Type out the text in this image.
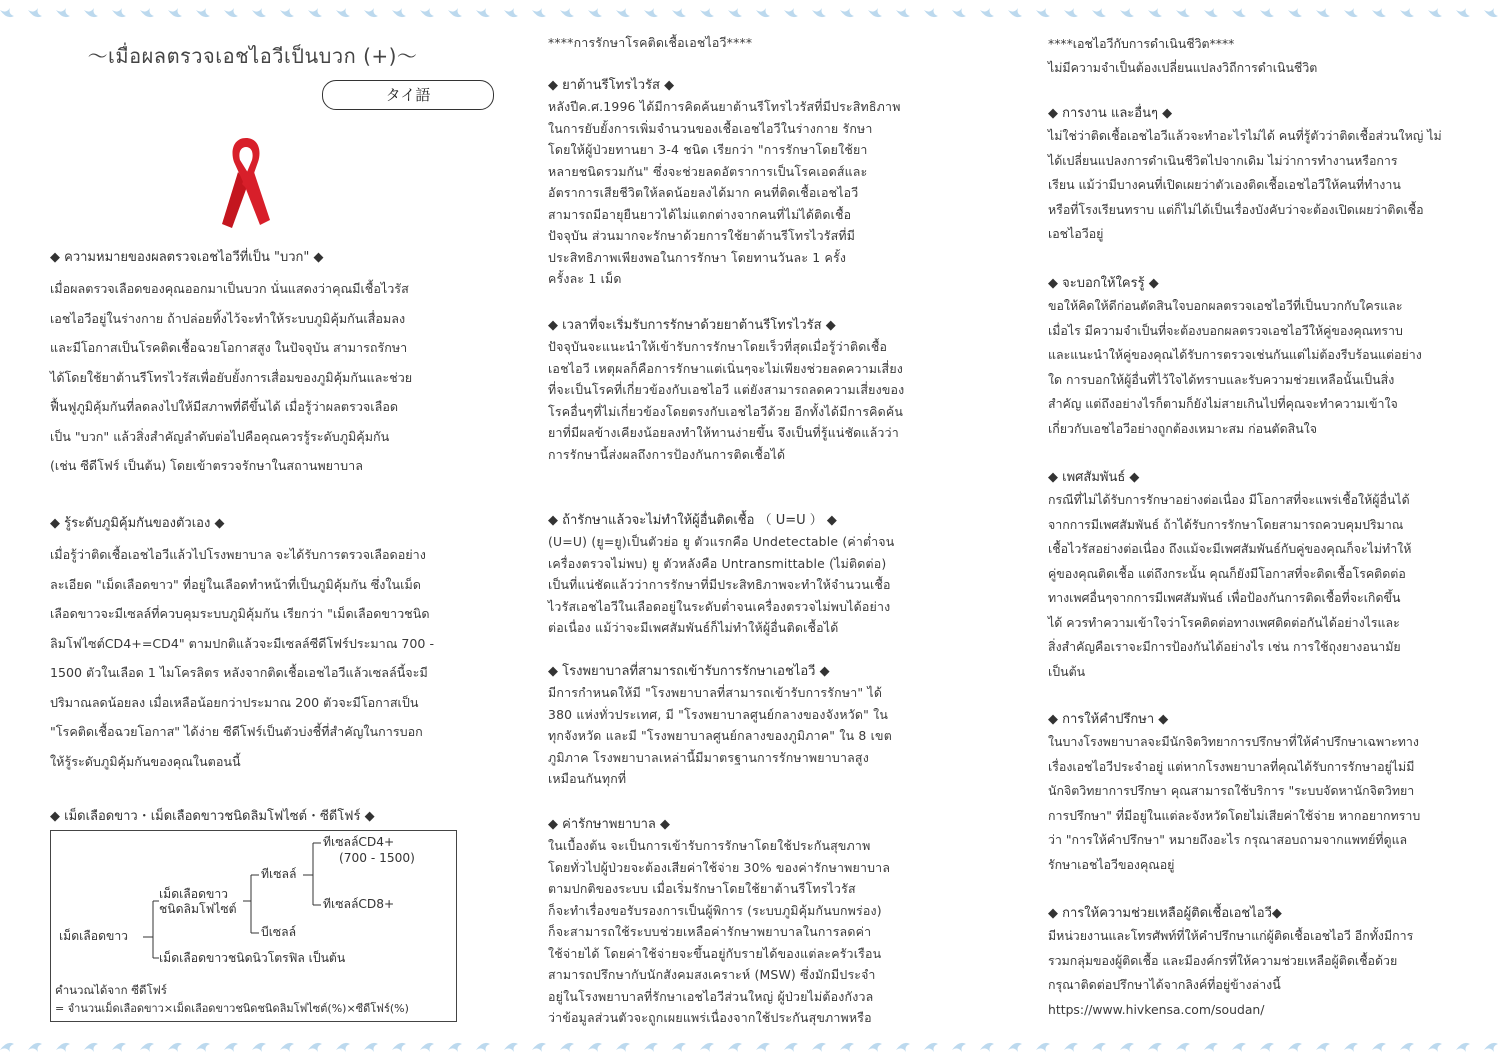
〜เมื่อผลตรวจเอชไอวีเป็นบวก (+)〜
タイ語

◆ ความหมายของผลตรวจเอชไอวีที่เป็น "บวก" ◆

เมื่อผลตรวจเลือดของคุณออกมาเป็นบวก นั่นแสดงว่าคุณมีเชื้อไวรัส

เอชไอวีอยู่ในร่างกาย ถ้าปล่อยทิ้งไว้จะทำให้ระบบภูมิคุ้มกันเสื่อมลง

และมีโอกาสเป็นโรคติดเชื้อฉวยโอกาสสูง ในปัจจุบัน สามารถรักษา

ได้โดยใช้ยาต้านรีโทรไวรัสเพื่อยับยั้งการเสื่อมของภูมิคุ้มกันและช่วย

ฟื้นฟูภูมิคุ้มกันที่ลดลงไปให้มีสภาพที่ดีขึ้นได้ เมื่อรู้ว่าผลตรวจเลือด

เป็น "บวก" แล้วสิ่งสำคัญลำดับต่อไปคือคุณควรรู้ระดับภูมิคุ้มกัน

(เช่น ซีดีโฟร์ เป็นต้น) โดยเข้าตรวจรักษาในสถานพยาบาล

◆ รู้ระดับภูมิคุ้มกันของตัวเอง ◆

เมื่อรู้ว่าติดเชื้อเอชไอวีแล้วไปโรงพยาบาล จะได้รับการตรวจเลือดอย่าง

ละเอียด "เม็ดเลือดขาว" ที่อยู่ในเลือดทำหน้าที่เป็นภูมิคุ้มกัน ซึ่งในเม็ด

เลือดขาวจะมีเซลล์ที่ควบคุมระบบภูมิคุ้มกัน เรียกว่า "เม็ดเลือดขาวชนิด

ลิมโฟไซต์CD4+=CD4" ตามปกติแล้วจะมีเซลล์ซีดีโฟร์ประมาณ 700 -

1500 ตัวในเลือด 1 ไมโครลิตร หลังจากติดเชื้อเอชไอวีแล้วเซลล์นี้จะมี

ปริมาณลดน้อยลง เมื่อเหลือน้อยกว่าประมาณ 200 ตัวจะมีโอกาสเป็น

"โรคติดเชื้อฉวยโอกาส" ได้ง่าย ซีดีโฟร์เป็นตัวบ่งชี้ที่สำคัญในการบอก

ให้รู้ระดับภูมิคุ้มกันของคุณในตอนนี้

◆ เม็ดเลือดขาว・เม็ดเลือดขาวชนิดลิมโฟไซต์・ซีดีโฟร์ ◆

เม็ดเลือดขาว
เม็ดเลือดขาว
ชนิดลิมโฟไซต์
ทีเซลล์
บีเซลล์
ทีเซลล์CD4+
(700 - 1500)
ทีเซลล์CD8+
เม็ดเลือดขาวชนิดนิวโตรฟิล เป็นต้น
คำนวณได้จาก ซีดีโฟร์
= จำนวนเม็ดเลือดขาว×เม็ดเลือดขาวชนิดชนิดลิมโฟไซต์(%)×ซีดีโฟร์(%)

****การรักษาโรคติดเชื้อเอชไอวี****

◆ ยาต้านรีโทรไวรัส ◆

หลังปีค.ศ.1996 ได้มีการคิดค้นยาต้านรีโทรไวรัสที่มีประสิทธิภาพ

ในการยับยั้งการเพิ่มจำนวนของเชื้อเอชไอวีในร่างกาย รักษา

โดยให้ผู้ป่วยทานยา 3-4 ชนิด เรียกว่า "การรักษาโดยใช้ยา

หลายชนิดรวมกัน" ซึ่งจะช่วยลดอัตราการเป็นโรคเอดส์และ

อัตราการเสียชีวิตให้ลดน้อยลงได้มาก คนที่ติดเชื้อเอชไอวี

สามารถมีอายุยืนยาวได้ไม่แตกต่างจากคนที่ไม่ได้ติดเชื้อ

ปัจจุบัน ส่วนมากจะรักษาด้วยการใช้ยาต้านรีโทรไวรัสที่มี

ประสิทธิภาพเพียงพอในการรักษา โดยทานวันละ 1 ครั้ง

ครั้งละ 1 เม็ด

◆ เวลาที่จะเริ่มรับการรักษาด้วยยาต้านรีโทรไวรัส ◆

ปัจจุบันจะแนะนำให้เข้ารับการรักษาโดยเร็วที่สุดเมื่อรู้ว่าติดเชื้อ

เอชไอวี เหตุผลก็คือการรักษาแต่เนิ่นๆจะไม่เพียงช่วยลดความเสี่ยง

ที่จะเป็นโรคที่เกี่ยวข้องกับเอชไอวี แต่ยังสามารถลดความเสี่ยงของ

โรคอื่นๆที่ไม่เกี่ยวข้องโดยตรงกับเอชไอวีด้วย อีกทั้งได้มีการคิดค้น

ยาที่มีผลข้างเคียงน้อยลงทำให้ทานง่ายขึ้น จึงเป็นที่รู้แน่ชัดแล้วว่า

การรักษานี้ส่งผลถึงการป้องกันการติดเชื้อได้

◆ ถ้ารักษาแล้วจะไม่ทำให้ผู้อื่นติดเชื้อ （ U=U ） ◆

(U=U) (ยู=ยู)เป็นตัวย่อ ยู ตัวแรกคือ Undetectable (ค่าต่ำจน

เครื่องตรวจไม่พบ) ยู ตัวหลังคือ Untransmittable (ไม่ติดต่อ)

เป็นที่แน่ชัดแล้วว่าการรักษาที่มีประสิทธิภาพจะทำให้จำนวนเชื้อ

ไวรัสเอชไอวีในเลือดอยู่ในระดับต่ำจนเครื่องตรวจไม่พบได้อย่าง

ต่อเนื่อง แม้ว่าจะมีเพศสัมพันธ์ก็ไม่ทำให้ผู้อื่นติดเชื้อได้

◆ โรงพยาบาลที่สามารถเข้ารับการรักษาเอชไอวี ◆

มีการกำหนดให้มี "โรงพยาบาลที่สามารถเข้ารับการรักษา" ได้

380 แห่งทั่วประเทศ, มี "โรงพยาบาลศูนย์กลางของจังหวัด" ใน

ทุกจังหวัด และมี "โรงพยาบาลศูนย์กลางของภูมิภาค" ใน 8 เขต

ภูมิภาค โรงพยาบาลเหล่านี้มีมาตรฐานการรักษาพยาบาลสูง

เหมือนกันทุกที่

◆ ค่ารักษาพยาบาล ◆

ในเบื้องต้น จะเป็นการเข้ารับการรักษาโดยใช้ประกันสุขภาพ

โดยทั่วไปผู้ป่วยจะต้องเสียค่าใช้จ่าย 30% ของค่ารักษาพยาบาล

ตามปกติของระบบ เมื่อเริ่มรักษาโดยใช้ยาต้านรีโทรไวรัส

ก็จะทำเรื่องขอรับรองการเป็นผู้พิการ (ระบบภูมิคุ้มกันบกพร่อง)

ก็จะสามารถใช้ระบบช่วยเหลือค่ารักษาพยาบาลในการลดค่า

ใช้จ่ายได้ โดยค่าใช้จ่ายจะขึ้นอยู่กับรายได้ของแต่ละครัวเรือน

สามารถปรึกษากับนักสังคมสงเคราะห์ (MSW) ซึ่งมักมีประจำ

อยู่ในโรงพยาบาลที่รักษาเอชไอวีส่วนใหญ่ ผู้ป่วยไม่ต้องกังวล

ว่าข้อมูลส่วนตัวจะถูกเผยแพร่เนื่องจากใช้ประกันสุขภาพหรือ

****เอชไอวีกับการดำเนินชีวิต****

ไม่มีความจำเป็นต้องเปลี่ยนแปลงวิถีการดำเนินชีวิต

◆ การงาน และอื่นๆ ◆

ไม่ใช่ว่าติดเชื้อเอชไอวีแล้วจะทำอะไรไม่ได้ คนที่รู้ตัวว่าติดเชื้อส่วนใหญ่ ไม่

ได้เปลี่ยนแปลงการดำเนินชีวิตไปจากเดิม ไม่ว่าการทำงานหรือการ

เรียน แม้ว่ามีบางคนที่เปิดเผยว่าตัวเองติดเชื้อเอชไอวีให้คนที่ทำงาน

หรือที่โรงเรียนทราบ แต่ก็ไม่ได้เป็นเรื่องบังคับว่าจะต้องเปิดเผยว่าติดเชื้อ

เอชไอวีอยู่

◆ จะบอกให้ใครรู้ ◆

ขอให้คิดให้ดีก่อนตัดสินใจบอกผลตรวจเอชไอวีที่เป็นบวกกับใครและ

เมื่อไร มีความจำเป็นที่จะต้องบอกผลตรวจเอชไอวีให้คู่ของคุณทราบ

และแนะนำให้คู่ของคุณได้รับการตรวจเช่นกันแต่ไม่ต้องรีบร้อนแต่อย่าง

ใด การบอกให้ผู้อื่นที่ไว้ใจได้ทราบและรับความช่วยเหลือนั้นเป็นสิ่ง

สำคัญ แต่ถึงอย่างไรก็ตามก็ยังไม่สายเกินไปที่คุณจะทำความเข้าใจ

เกี่ยวกับเอชไอวีอย่างถูกต้องเหมาะสม ก่อนตัดสินใจ

◆ เพศสัมพันธ์ ◆

กรณีที่ไม่ได้รับการรักษาอย่างต่อเนื่อง มีโอกาสที่จะแพร่เชื้อให้ผู้อื่นได้

จากการมีเพศสัมพันธ์ ถ้าได้รับการรักษาโดยสามารถควบคุมปริมาณ

เชื้อไวรัสอย่างต่อเนื่อง ถึงแม้จะมีเพศสัมพันธ์กับคู่ของคุณก็จะไม่ทำให้

คู่ของคุณติดเชื้อ แต่ถึงกระนั้น คุณก็ยังมีโอกาสที่จะติดเชื้อโรคติดต่อ

ทางเพศอื่นๆจากการมีเพศสัมพันธ์ เพื่อป้องกันการติดเชื้อที่จะเกิดขึ้น

ได้ ควรทำความเข้าใจว่าโรคติดต่อทางเพศติดต่อกันได้อย่างไรและ

สิ่งสำคัญคือเราจะมีการป้องกันได้อย่างไร เช่น การใช้ถุงยางอนามัย

เป็นต้น

◆ การให้คำปรึกษา ◆

ในบางโรงพยาบาลจะมีนักจิตวิทยาการปรึกษาที่ให้คำปรึกษาเฉพาะทาง

เรื่องเอชไอวีประจำอยู่ แต่หากโรงพยาบาลที่คุณได้รับการรักษาอยู่ไม่มี

นักจิตวิทยาการปรึกษา คุณสามารถใช้บริการ "ระบบจัดหานักจิตวิทยา

การปรึกษา" ที่มีอยู่ในแต่ละจังหวัดโดยไม่เสียค่าใช้จ่าย หากอยากทราบ

ว่า "การให้คำปรึกษา" หมายถึงอะไร กรุณาสอบถามจากแพทย์ที่ดูแล

รักษาเอชไอวีของคุณอยู่

◆ การให้ความช่วยเหลือผู้ติดเชื้อเอชไอวี◆

มีหน่วยงานและโทรศัพท์ที่ให้คำปรึกษาแก่ผู้ติดเชื้อเอชไอวี อีกทั้งมีการ

รวมกลุ่มของผู้ติดเชื้อ และมีองค์กรที่ให้ความช่วยเหลือผู้ติดเชื้อด้วย

กรุณาติดต่อปรึกษาได้จากลิงค์ที่อยู่ข้างล่างนี้

https://www.hivkensa.com/soudan/
